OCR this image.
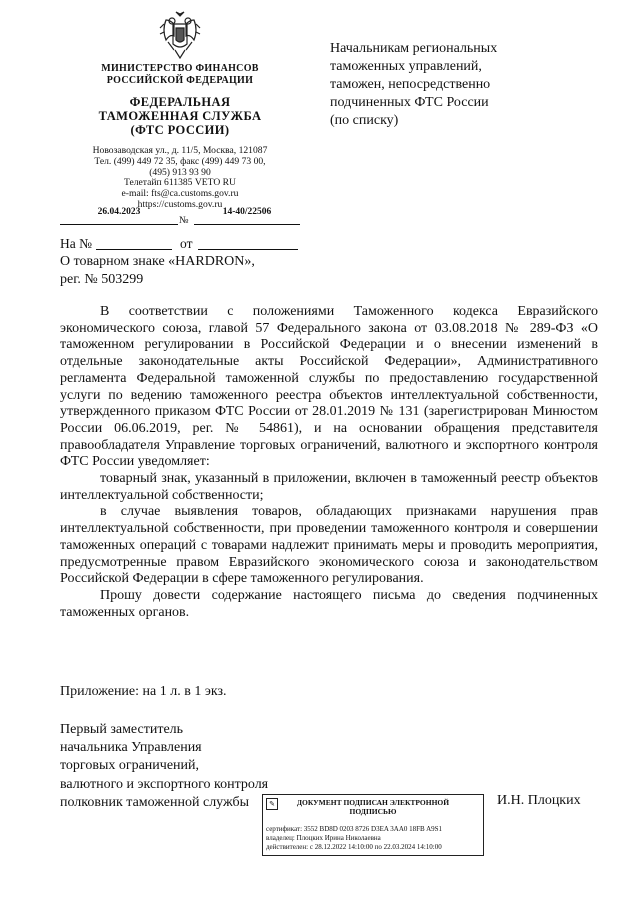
МИНИСТЕРСТВО ФИНАНСОВ
РОССИЙСКОЙ ФЕДЕРАЦИИ
ФЕДЕРАЛЬНАЯ
ТАМОЖЕННАЯ СЛУЖБА
(ФТС РОССИИ)
Новозаводская ул., д. 11/5, Москва, 121087
Тел. (499) 449 72 35, факс (499) 449 73 00,
(495) 913 93 90
Телетайп 611385 VETO RU
e-mail: fts@ca.customs.gov.ru
https://customs.gov.ru
26.04.2023
№
14-40/22506
На №	от
О товарном знаке «HARDRON»,
рег. № 503299
Начальникам региональных
таможенных управлений,
таможен, непосредственно
подчиненных ФТС России
(по списку)

В соответствии с положениями Таможенного кодекса Евразийского экономического союза, главой 57 Федерального закона от 03.08.2018 № 289-ФЗ «О таможенном регулировании в Российской Федерации и о внесении изменений в отдельные законодательные акты Российской Федерации», Административного регламента Федеральной таможенной службы по предоставлению государственной услуги по ведению таможенного реестра объектов интеллектуальной собственности, утвержденного приказом ФТС России от 28.01.2019 № 131 (зарегистрирован Минюстом России 06.06.2019, рег. № 54861), и на основании обращения представителя правообладателя Управление торговых ограничений, валютного и экспортного контроля ФТС России уведомляет:

товарный знак, указанный в приложении, включен в таможенный реестр объектов интеллектуальной собственности;

в случае выявления товаров, обладающих признаками нарушения прав интеллектуальной собственности, при проведении таможенного контроля и совершении таможенных операций с товарами надлежит принимать меры и проводить мероприятия, предусмотренные правом Евразийского экономического союза и законодательством Российской Федерации в сфере таможенного регулирования.

Прошу довести содержание настоящего письма до сведения подчиненных таможенных органов.

Приложение: на 1 л. в 1 экз.
Первый заместитель
начальника Управления
торговых ограничений,
валютного и экспортного контроля
полковник таможенной службы	И.Н. Плоцких
✎	ДОКУМЕНТ ПОДПИСАН ЭЛЕКТРОННОЙ
ПОДПИСЬЮ
сертификат: 3552 BD8D 0203 8726 D3EA 3AA0 18FB A9S1
владелец: Плоцких Ирина Николаевна
действителен: с 28.12.2022 14:10:00 по 22.03.2024 14:10:00
